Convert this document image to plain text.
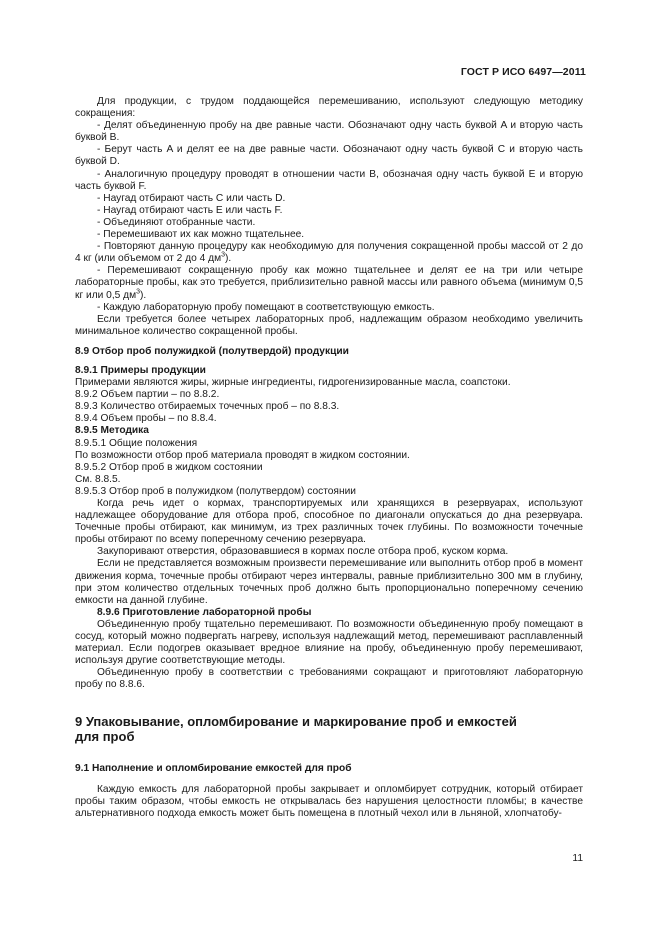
ГОСТ Р ИСО 6497—2011

Для продукции, с трудом поддающейся перемешиванию, используют следующую методику сокращения:

- Делят объединенную пробу на две равные части. Обозначают одну часть буквой A и вторую часть буквой B.

- Берут часть A и делят ее на две равные части. Обозначают одну часть буквой C и вторую часть буквой D.

- Аналогичную процедуру проводят в отношении части B, обозначая одну часть буквой E и вторую часть буквой F.

- Наугад отбирают часть C или часть D.

- Наугад отбирают часть E или часть F.

- Объединяют отобранные части.

- Перемешивают их как можно тщательнее.

- Повторяют данную процедуру как необходимую для получения сокращенной пробы массой от 2 до 4 кг (или объемом от 2 до 4 $дм^3$).

- Перемешивают сокращенную пробу как можно тщательнее и делят ее на три или четыре лабораторные пробы, как это требуется, приблизительно равной массы или равного объема (минимум 0,5 кг или 0,5 $дм^3$).

- Каждую лабораторную пробу помещают в соответствующую емкость.

Если требуется более четырех лабораторных проб, надлежащим образом необходимо увеличить минимальное количество сокращенной пробы.

8.9 Отбор проб полужидкой (полутвердой) продукции

8.9.1 Примеры продукции

Примерами являются жиры, жирные ингредиенты, гидрогенизированные масла, соапстоки.

8.9.2 Объем партии – по 8.8.2.

8.9.3 Количество отбираемых точечных проб – по 8.8.3.

8.9.4 Объем пробы – по 8.8.4.

8.9.5 Методика

8.9.5.1 Общие положения

По возможности отбор проб материала проводят в жидком состоянии.

8.9.5.2 Отбор проб в жидком состоянии

См. 8.8.5.

8.9.5.3 Отбор проб в полужидком (полутвердом) состоянии

Когда речь идет о кормах, транспортируемых или хранящихся в резервуарах, используют надлежащее оборудование для отбора проб, способное по диагонали опускаться до дна резервуара. Точечные пробы отбирают, как минимум, из трех различных точек глубины. По возможности точечные пробы отбирают по всему поперечному сечению резервуара.

Закупоривают отверстия, образовавшиеся в кормах после отбора проб, куском корма.

Если не представляется возможным произвести перемешивание или выполнить отбор проб в момент движения корма, точечные пробы отбирают через интервалы, равные приблизительно 300 мм в глубину, при этом количество отдельных точечных проб должно быть пропорционально поперечному сечению емкости на данной глубине.

8.9.6 Приготовление лабораторной пробы

Объединенную пробу тщательно перемешивают. По возможности объединенную пробу помещают в сосуд, который можно подвергать нагреву, используя надлежащий метод, перемешивают расплавленный материал. Если подогрев оказывает вредное влияние на пробу, объединенную пробу перемешивают, используя другие соответствующие методы.

Объединенную пробу в соответствии с требованиями сокращают и приготовляют лабораторную пробу по 8.8.6.

9 Упаковывание, опломбирование и маркирование проб и емкостей
для проб

9.1 Наполнение и опломбирование емкостей для проб

Каждую емкость для лабораторной пробы закрывает и опломбирует сотрудник, который отбирает пробы таким образом, чтобы емкость не открывалась без нарушения целостности пломбы; в качестве альтернативного подхода емкость может быть помещена в плотный чехол или в льняной, хлопчатобу-

11
